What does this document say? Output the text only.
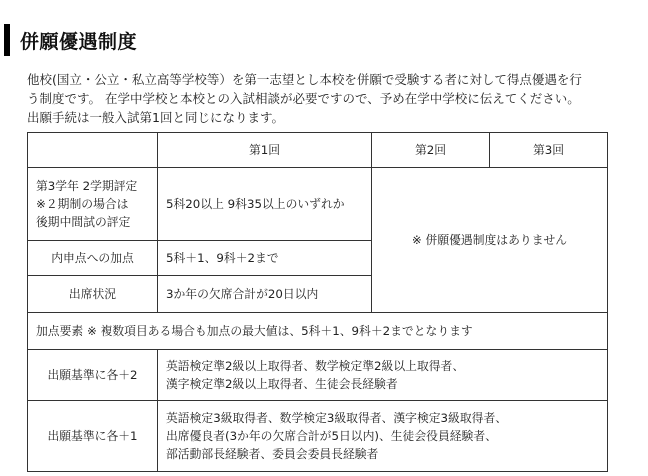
併願優遇制度

他校(国立・公立・私立高等学校等）を第一志望とし本校を併願で受験する者に対して得点優遇を行

う制度です。 在学中学校と本校との入試相談が必要ですので、予め在学中学校に伝えてください。

出願手続は一般入試第1回と同じになります。

	第1回	第2回	第3回

第3学年 2学期評定
※２期制の場合は
後期中間試の評定	5科20以上 9科35以上のいずれか	※ 併願優遇制度はありません	
内申点への加点	5科＋1、9科＋2まで		
出席状況	3か年の欠席合計が20日以内		
加点要素 ※ 複数項目ある場合も加点の最大値は、5科＋1、9科＋2までとなります			
出願基準に各＋2	英語検定準2級以上取得者、数学検定準2級以上取得者、
漢字検定準2級以上取得者、生徒会長経験者		

出願基準に各＋1	英語検定3級取得者、数学検定3級取得者、漢字検定3級取得者、
出席優良者(3か年の欠席合計が5日以内)、生徒会役員経験者、
部活動部長経験者、委員会委員長経験者		
